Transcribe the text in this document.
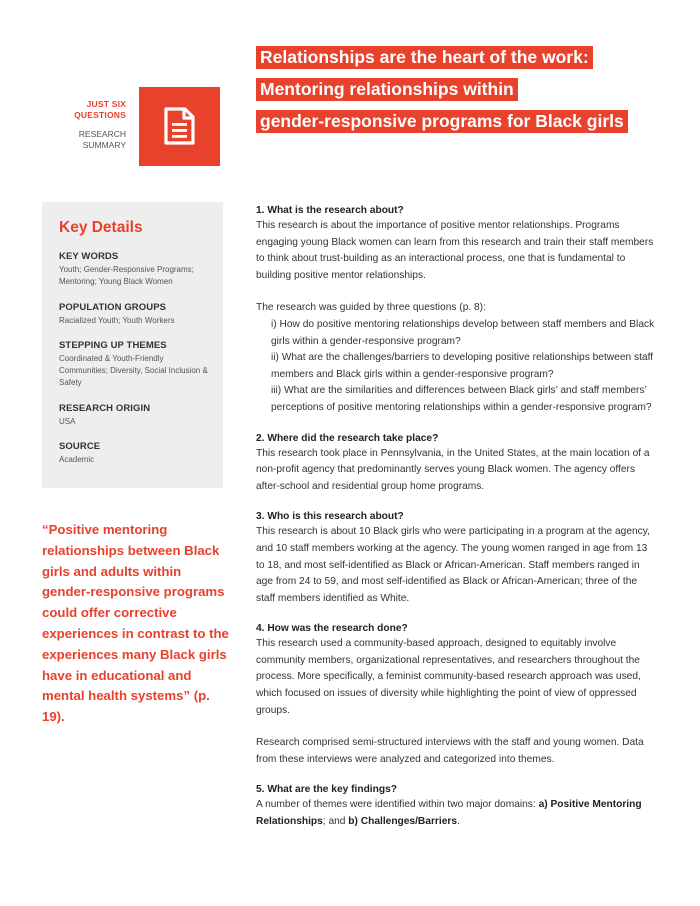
JUST SIX QUESTIONS
RESEARCH SUMMARY
Relationships are the heart of the work:
Mentoring relationships within
gender-responsive programs for Black girls
Key Details
KEY WORDS

Youth; Gender-Responsive Programs; Mentoring; Young Black Women

POPULATION GROUPS

Racialized Youth; Youth Workers

STEPPING UP THEMES

Coordinated & Youth-Friendly Communities; Diversity, Social Inclusion & Safety

RESEARCH ORIGIN

USA

SOURCE

Academic

“Positive mentoring relationships between Black girls and adults within gender-responsive programs could offer corrective experiences in contrast to the experiences many Black girls have in educational and mental health systems” (p. 19).
1. What is the research about?

This research is about the importance of positive mentor relationships. Programs engaging young Black women can learn from this research and train their staff members to think about trust-building as an interactional process, one that is fundamental to building positive mentor relationships.

The research was guided by three questions (p. 8):

i) How do positive mentoring relationships develop between staff members and Black girls within a gender-responsive program?

ii) What are the challenges/barriers to developing positive relationships between staff members and Black girls within a gender-responsive program?

iii) What are the similarities and differences between Black girls’ and staff members’ perceptions of positive mentoring relationships within a gender-responsive program?

2. Where did the research take place?

This research took place in Pennsylvania, in the United States, at the main location of a non-profit agency that predominantly serves young Black women. The agency offers after-school and residential group home programs.

3. Who is this research about?

This research is about 10 Black girls who were participating in a program at the agency, and 10 staff members working at the agency. The young women ranged in age from 13 to 18, and most self-identified as Black or African-American. Staff members ranged in age from 24 to 59, and most self-identified as Black or African-American; three of the staff members identified as White.

4. How was the research done?

This research used a community-based approach, designed to equitably involve community members, organizational representatives, and researchers throughout the process. More specifically, a feminist community-based research approach was used, which focused on issues of diversity while highlighting the point of view of oppressed groups.

Research comprised semi-structured interviews with the staff and young women. Data from these interviews were analyzed and categorized into themes.

5. What are the key findings?

A number of themes were identified within two major domains: a) Positive Mentoring Relationships; and b) Challenges/Barriers.
